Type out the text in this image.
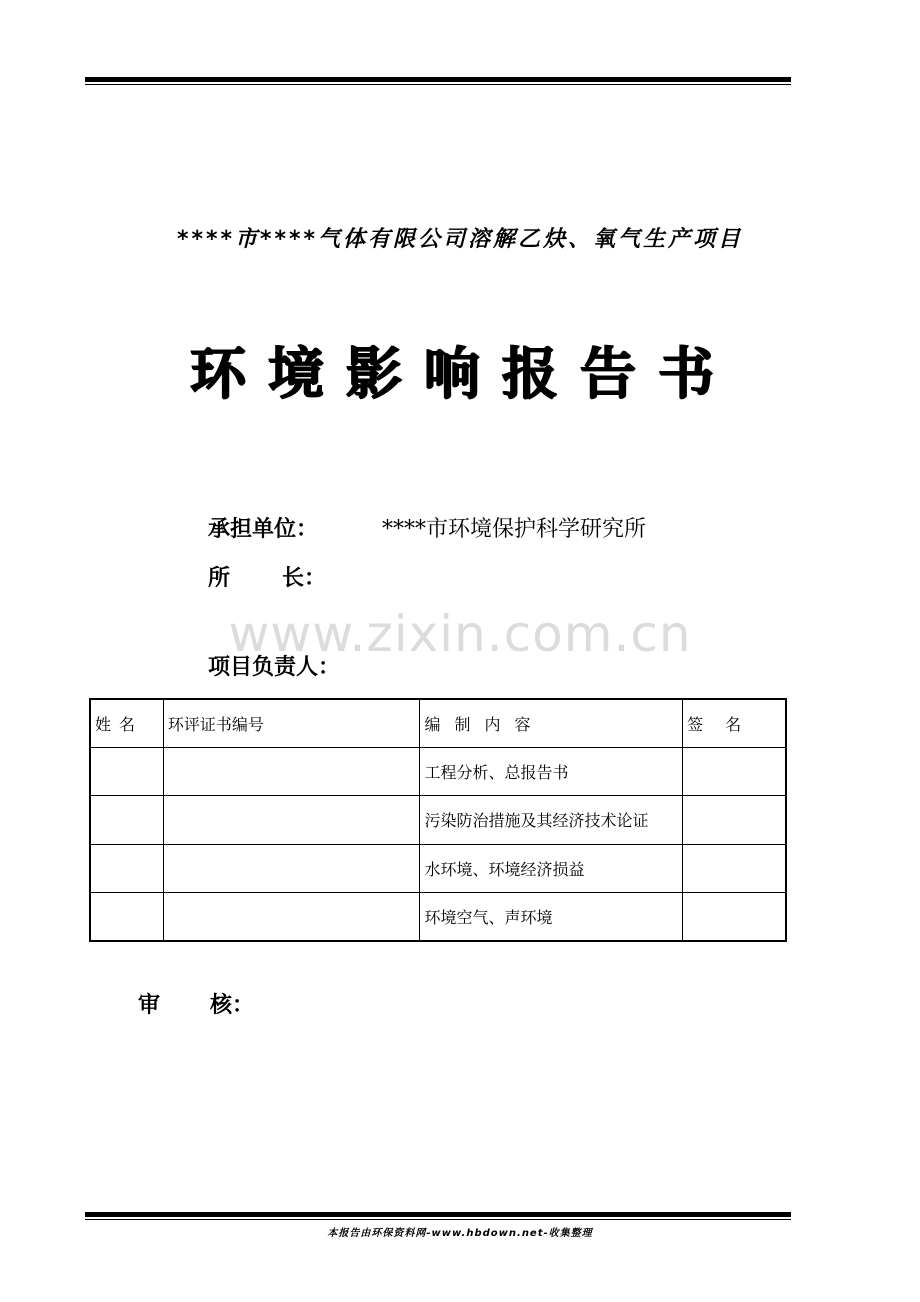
****市****气体有限公司溶解乙炔、氧气生产项目
环境影响报告书
承担单位：	****市环境保护科学研究所
所 长：
www.zixin.com.cn
项目负责人：
姓名	环评证书编号	编制内容	签名
		工程分析、总报告书	
		污染防治措施及其经济技术论证	
		水环境、环境经济损益	
		环境空气、声环境	
审 核：
本报告由环保资料网-www.hbdown.net-收集整理
